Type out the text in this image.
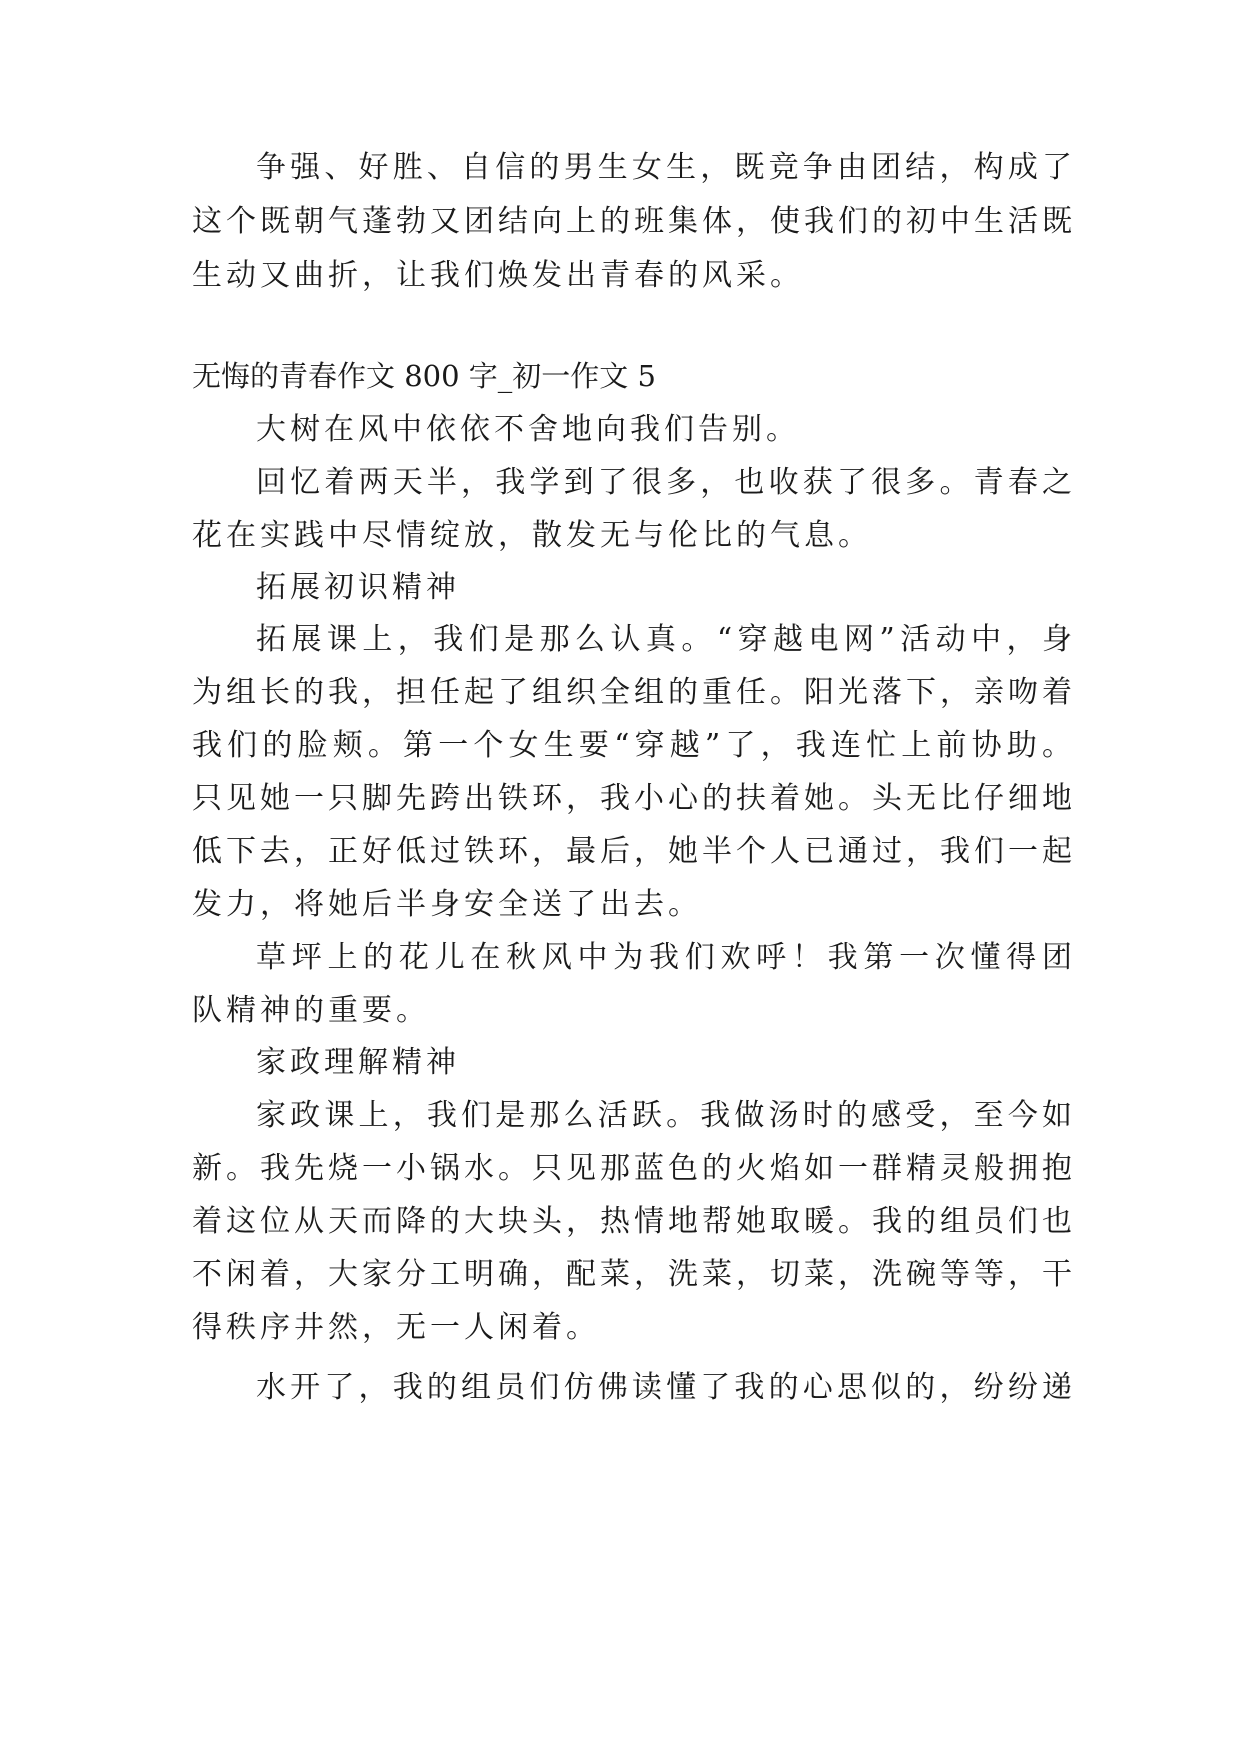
争强、好胜、自信的男生女生，既竞争由团结，构成了
这个既朝气蓬勃又团结向上的班集体，使我们的初中生活既
生动又曲折，让我们焕发出青春的风采。
无悔的青春作文 800 字_初一作文 5
大树在风中依依不舍地向我们告别。
回忆着两天半，我学到了很多，也收获了很多。青春之
花在实践中尽情绽放，散发无与伦比的气息。
拓展初识精神
拓展课上，我们是那么认真。“穿越电网”活动中，身
为组长的我，担任起了组织全组的重任。阳光落下，亲吻着
我们的脸颊。第一个女生要“穿越”了，我连忙上前协助。
只见她一只脚先跨出铁环，我小心的扶着她。头无比仔细地
低下去，正好低过铁环，最后，她半个人已通过，我们一起
发力，将她后半身安全送了出去。
草坪上的花儿在秋风中为我们欢呼！我第一次懂得团
队精神的重要。
家政理解精神
家政课上，我们是那么活跃。我做汤时的感受，至今如
新。我先烧一小锅水。只见那蓝色的火焰如一群精灵般拥抱
着这位从天而降的大块头，热情地帮她取暖。我的组员们也
不闲着，大家分工明确，配菜，洗菜，切菜，洗碗等等，干
得秩序井然，无一人闲着。
水开了，我的组员们仿佛读懂了我的心思似的，纷纷递
